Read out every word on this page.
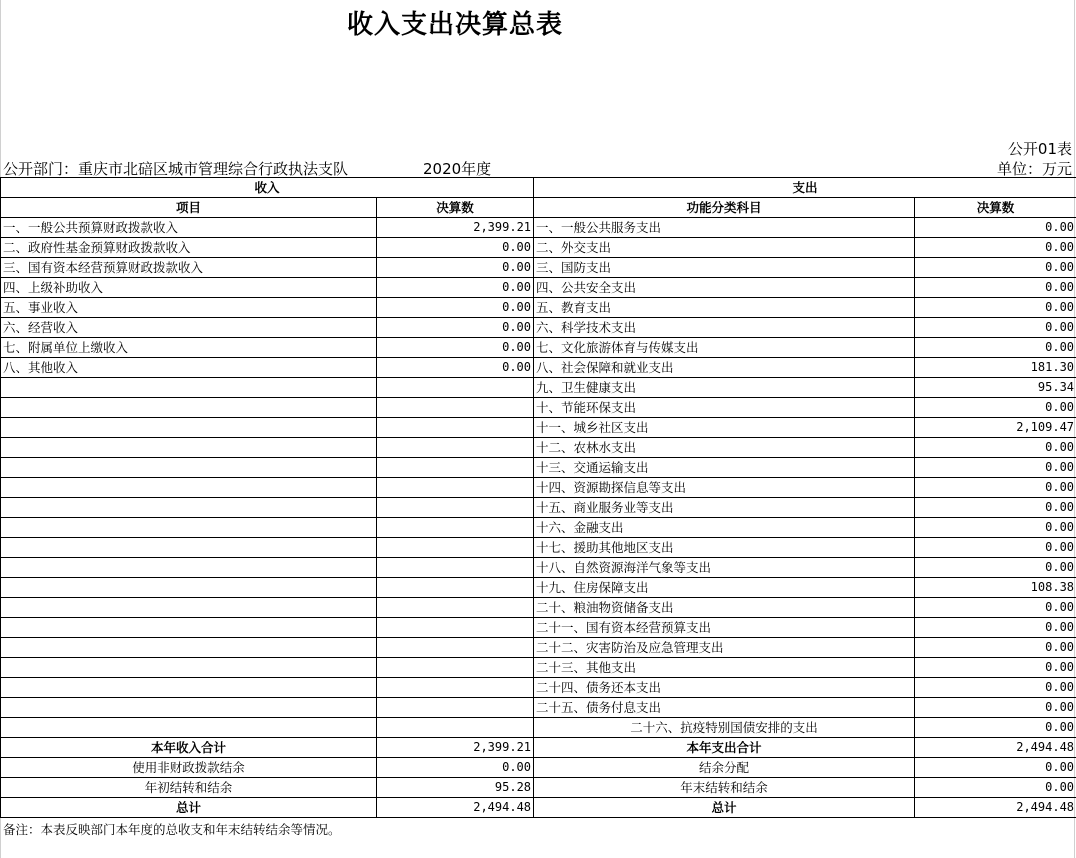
收入支出决算总表
公开01表
公开部门：重庆市北碚区城市管理综合行政执法支队	2020年度	单位：万元
收入		支出	
项目	决算数	功能分类科目	决算数
一、一般公共预算财政拨款收入	2,399.21	一、一般公共服务支出	0.00
二、政府性基金预算财政拨款收入	0.00	二、外交支出	0.00
三、国有资本经营预算财政拨款收入	0.00	三、国防支出	0.00
四、上级补助收入	0.00	四、公共安全支出	0.00
五、事业收入	0.00	五、教育支出	0.00
六、经营收入	0.00	六、科学技术支出	0.00
七、附属单位上缴收入	0.00	七、文化旅游体育与传媒支出	0.00
八、其他收入	0.00	八、社会保障和就业支出	181.30
		九、卫生健康支出	95.34
		十、节能环保支出	0.00
		十一、城乡社区支出	2,109.47
		十二、农林水支出	0.00
		十三、交通运输支出	0.00
		十四、资源勘探信息等支出	0.00
		十五、商业服务业等支出	0.00
		十六、金融支出	0.00
		十七、援助其他地区支出	0.00
		十八、自然资源海洋气象等支出	0.00
		十九、住房保障支出	108.38
		二十、粮油物资储备支出	0.00
		二十一、国有资本经营预算支出	0.00
		二十二、灾害防治及应急管理支出	0.00
		二十三、其他支出	0.00
		二十四、债务还本支出	0.00
		二十五、债务付息支出	0.00
		二十六、抗疫特别国债安排的支出	0.00
本年收入合计	2,399.21	本年支出合计	2,494.48
使用非财政拨款结余	0.00	结余分配	0.00
年初结转和结余	95.28	年末结转和结余	0.00
总计	2,494.48	总计	2,494.48
备注：本表反映部门本年度的总收支和年末结转结余等情况。
